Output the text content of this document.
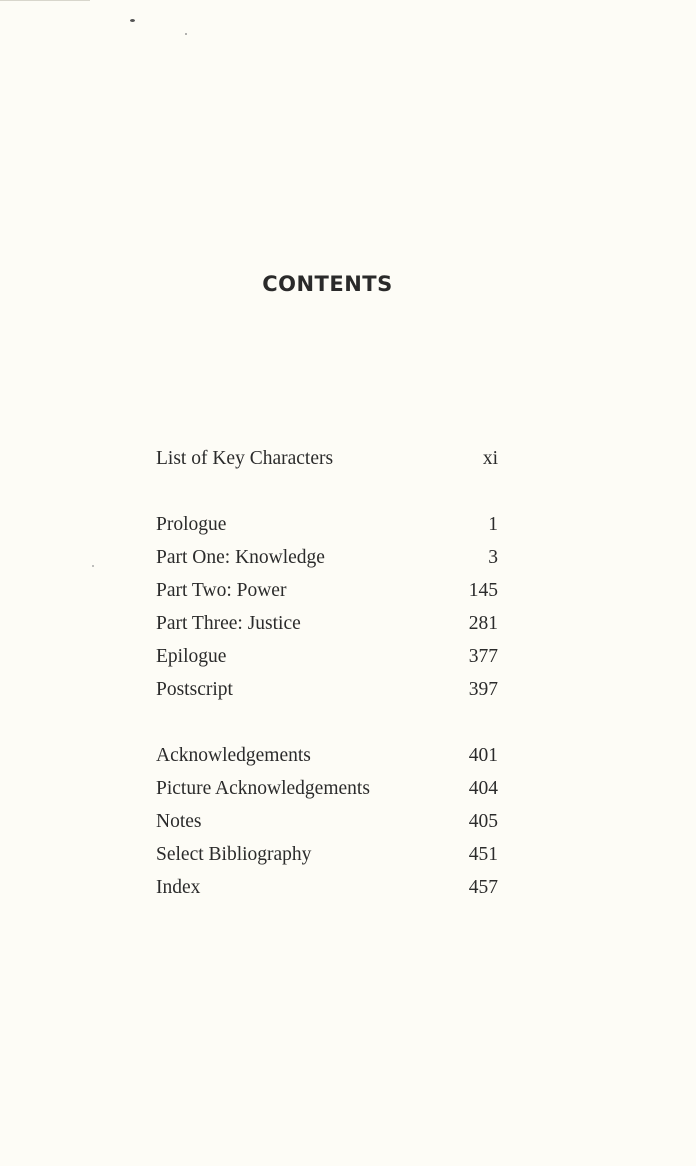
CONTENTS
List of Key Characters	xi
Prologue	1
Part One: Knowledge	3
Part Two: Power	145
Part Three: Justice	281
Epilogue	377
Postscript	397
Acknowledgements	401
Picture Acknowledgements	404
Notes	405
Select Bibliography	451
Index	457
